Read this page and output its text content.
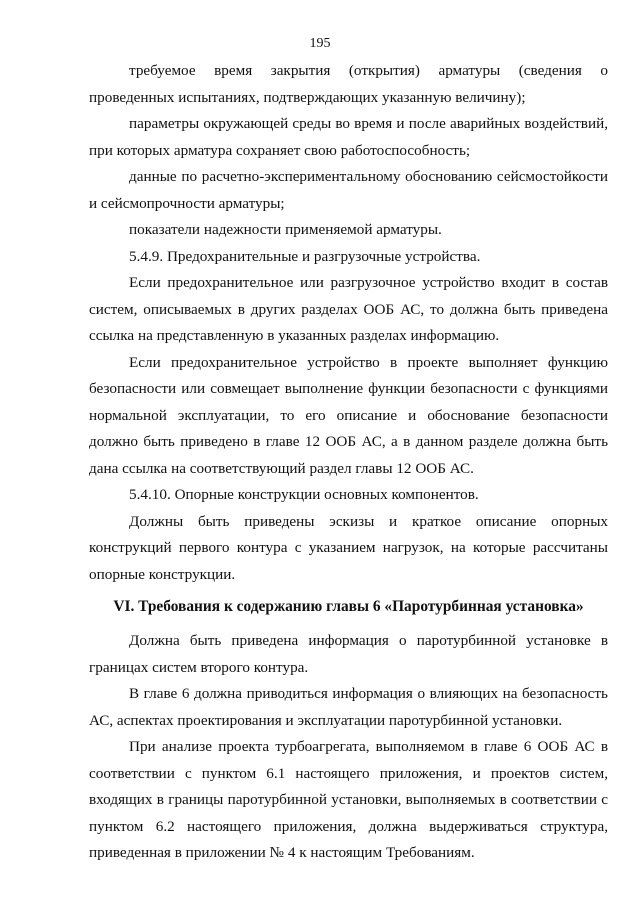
195

требуемое время закрытия (открытия) арматуры (сведения о проведенных испытаниях, подтверждающих указанную величину);

параметры окружающей среды во время и после аварийных воздействий, при которых арматура сохраняет свою работоспособность;

данные по расчетно-экспериментальному обоснованию сейсмостойкости и сейсмопрочности арматуры;

показатели надежности применяемой арматуры.

5.4.9. Предохранительные и разгрузочные устройства.

Если предохранительное или разгрузочное устройство входит в состав систем, описываемых в других разделах ООБ АС, то должна быть приведена ссылка на представленную в указанных разделах информацию.

Если предохранительное устройство в проекте выполняет функцию безопасности или совмещает выполнение функции безопасности с функциями нормальной эксплуатации, то его описание и обоснование безопасности должно быть приведено в главе 12 ООБ АС, а в данном разделе должна быть дана ссылка на соответствующий раздел главы 12 ООБ АС.

5.4.10. Опорные конструкции основных компонентов.

Должны быть приведены эскизы и краткое описание опорных конструкций первого контура с указанием нагрузок, на которые рассчитаны опорные конструкции.

VI. Требования к содержанию главы 6 «Паротурбинная установка»

Должна быть приведена информация о паротурбинной установке в границах систем второго контура.

В главе 6 должна приводиться информация о влияющих на безопасность АС, аспектах проектирования и эксплуатации паротурбинной установки.

При анализе проекта турбоагрегата, выполняемом в главе 6 ООБ АС в соответствии с пунктом 6.1 настоящего приложения, и проектов систем, входящих в границы паротурбинной установки, выполняемых в соответствии с пунктом 6.2 настоящего приложения, должна выдерживаться структура, приведенная в приложении № 4 к настоящим Требованиям.
